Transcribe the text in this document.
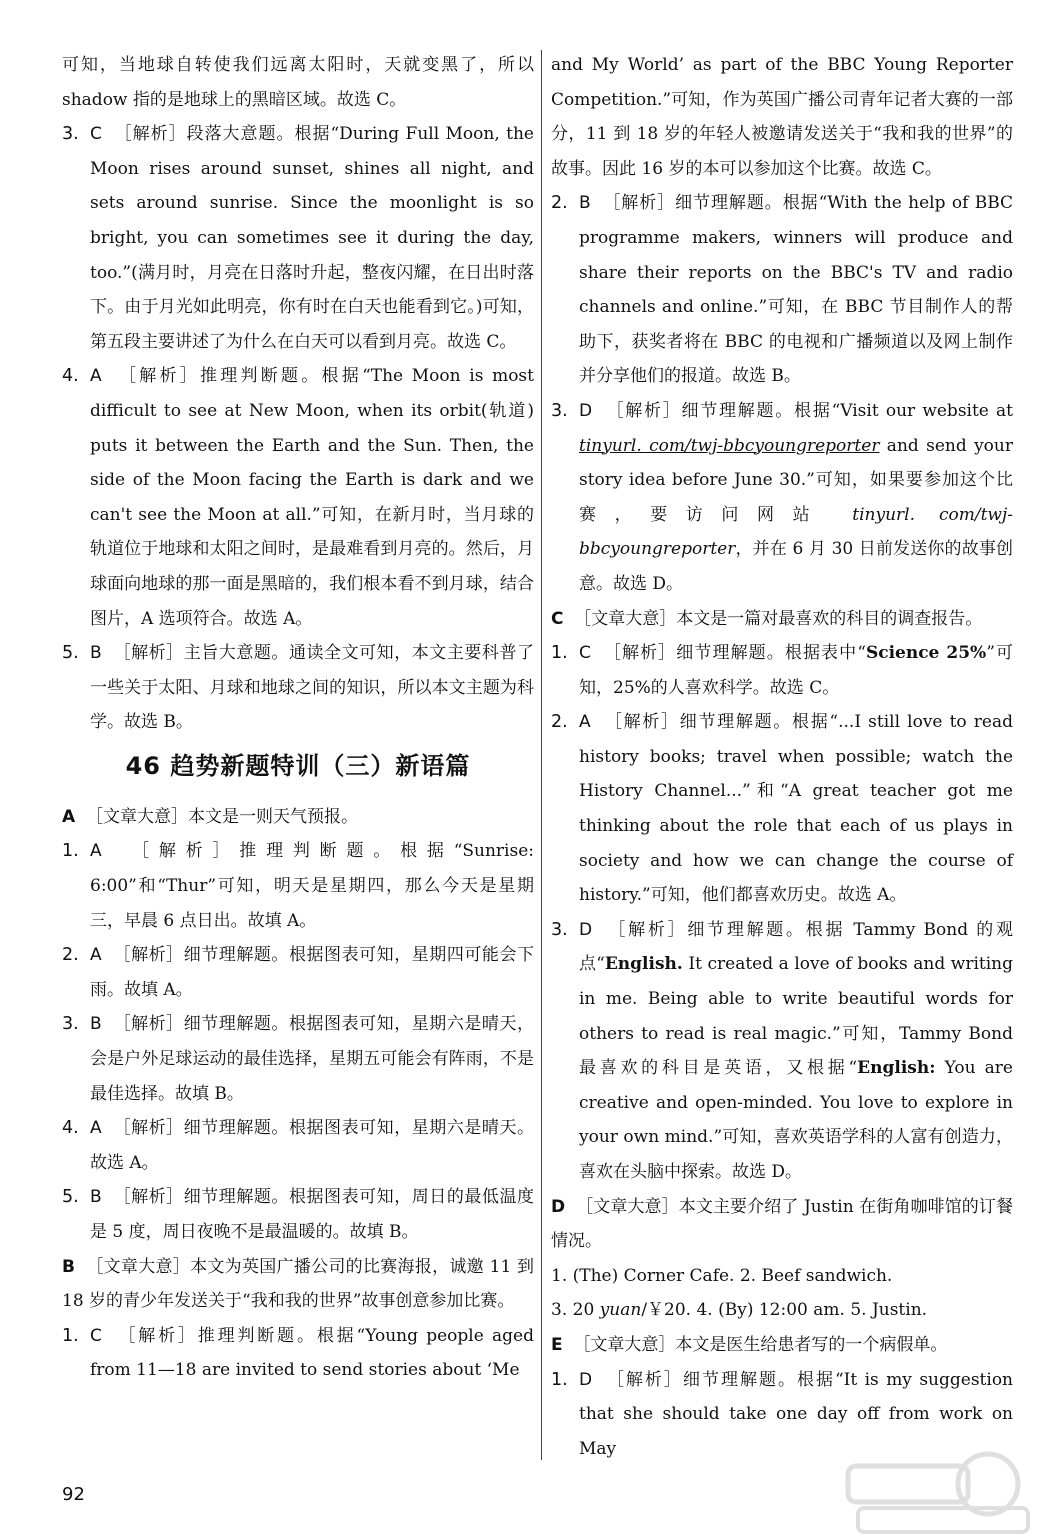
可知，当地球自转使我们远离太阳时，天就变黑了，所以 shadow 指的是地球上的黑暗区域。故选 C。

3. C ［解析］段落大意题。根据“During Full Moon, the Moon rises around sunset, shines all night, and sets around sunrise. Since the moonlight is so bright, you can sometimes see it during the day, too.”(满月时，月亮在日落时升起，整夜闪耀，在日出时落下。由于月光如此明亮，你有时在白天也能看到它。)可知，第五段主要讲述了为什么在白天可以看到月亮。故选 C。
4. A ［解析］推理判断题。根据“The Moon is most difficult to see at New Moon, when its orbit(轨道) puts it between the Earth and the Sun. Then, the side of the Moon facing the Earth is dark and we can't see the Moon at all.”可知，在新月时，当月球的轨道位于地球和太阳之间时，是最难看到月亮的。然后，月球面向地球的那一面是黑暗的，我们根本看不到月球，结合图片，A 选项符合。故选 A。
5. B ［解析］主旨大意题。通读全文可知，本文主要科普了一些关于太阳、月球和地球之间的知识，所以本文主题为科学。故选 B。
46 趋势新题特训（三）新语篇

A ［文章大意］本文是一则天气预报。

1. A ［解析］推理判断题。根据“Sunrise: 6:00”和“Thur”可知，明天是星期四，那么今天是星期三，早晨 6 点日出。故填 A。
2. A ［解析］细节理解题。根据图表可知，星期四可能会下雨。故填 A。
3. B ［解析］细节理解题。根据图表可知，星期六是晴天，会是户外足球运动的最佳选择，星期五可能会有阵雨，不是最佳选择。故填 B。
4. A ［解析］细节理解题。根据图表可知，星期六是晴天。故选 A。
5. B ［解析］细节理解题。根据图表可知，周日的最低温度是 5 度，周日夜晚不是最温暖的。故填 B。

B ［文章大意］本文为英国广播公司的比赛海报，诚邀 11 到 18 岁的青少年发送关于“我和我的世界”故事创意参加比赛。

1. C ［解析］推理判断题。根据“Young people aged from 11—18 are invited to send stories about ‘Me

and My World’ as part of the BBC Young Reporter Competition.”可知，作为英国广播公司青年记者大赛的一部分，11 到 18 岁的年轻人被邀请发送关于“我和我的世界”的故事。因此 16 岁的本可以参加这个比赛。故选 C。

2. B ［解析］细节理解题。根据“With the help of BBC programme makers, winners will produce and share their reports on the BBC's TV and radio channels and online.”可知，在 BBC 节目制作人的帮助下，获奖者将在 BBC 的电视和广播频道以及网上制作并分享他们的报道。故选 B。
3. D ［解析］细节理解题。根据“Visit our website at tinyurl. com/twj-bbcyoungreporter and send your story idea before June 30.”可知，如果要参加这个比赛，要访问网站 tinyurl. com/twj-bbcyoungreporter，并在 6 月 30 日前发送你的故事创意。故选 D。

C ［文章大意］本文是一篇对最喜欢的科目的调查报告。

1. C ［解析］细节理解题。根据表中“Science 25%”可知，25%的人喜欢科学。故选 C。
2. A ［解析］细节理解题。根据“...I still love to read history books; travel when possible; watch the History Channel...”和“A great teacher got me thinking about the role that each of us plays in society and how we can change the course of history.”可知，他们都喜欢历史。故选 A。
3. D ［解析］细节理解题。根据 Tammy Bond 的观点“English. It created a love of books and writing in me. Being able to write beautiful words for others to read is real magic.”可知，Tammy Bond 最喜欢的科目是英语，又根据“English: You are creative and open-minded. You love to explore in your own mind.”可知，喜欢英语学科的人富有创造力，喜欢在头脑中探索。故选 D。

D ［文章大意］本文主要介绍了 Justin 在街角咖啡馆的订餐情况。

1. (The) Corner Cafe. 2. Beef sandwich.

3. 20 yuan/￥20. 4. (By) 12:00 am. 5. Justin.

E ［文章大意］本文是医生给患者写的一个病假单。

1. D ［解析］细节理解题。根据“It is my suggestion that she should take one day off from work on May
92
